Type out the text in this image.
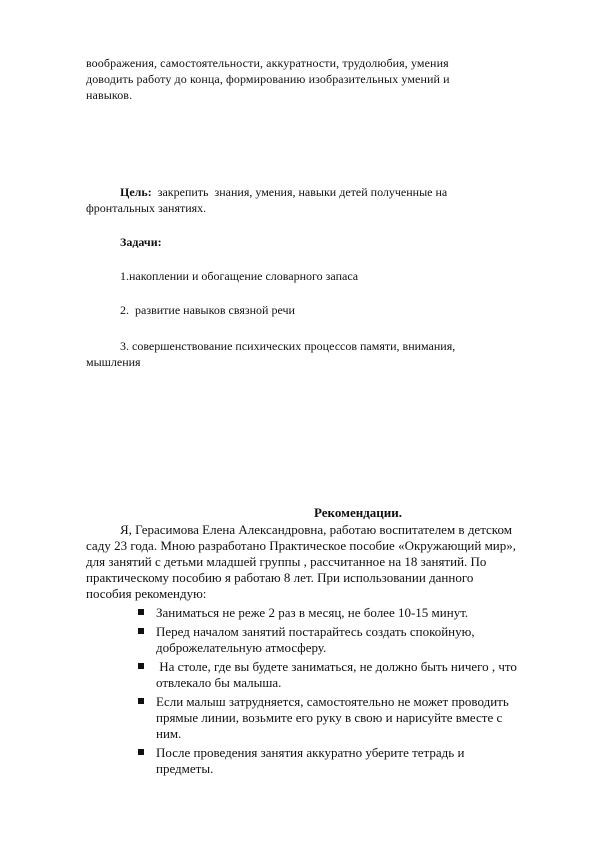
воображения, самостоятельности, аккуратности, трудолюбия, умения
доводить работу до конца, формированию изобразительных умений и
навыков.
Цель:  закрепить  знания, умения, навыки детей полученные на
фронтальных занятиях.
Задачи:
1.накоплении и обогащение словарного запаса
2.  развитие навыков связной речи
3. совершенствование психических процессов памяти, внимания,
мышления
Рекомендации.

Я, Герасимова Елена Александровна, работаю воспитателем в детском саду 23 года. Мною разработано Практическое пособие «Окружающий мир», для занятий с детьми младшей группы , рассчитанное на 18 занятий. По практическому пособию я работаю 8 лет. При использовании данного пособия рекомендую:

Заниматься не реже 2 раз в месяц, не более 10-15 минут.
Перед началом занятий постарайтесь создать спокойную, доброжелательную атмосферу.
На столе, где вы будете заниматься, не должно быть ничего , что отвлекало бы малыша.
Если малыш затрудняется, самостоятельно не может проводить прямые линии, возьмите его руку в свою и нарисуйте вместе с ним.
После проведения занятия аккуратно уберите тетрадь и предметы.
